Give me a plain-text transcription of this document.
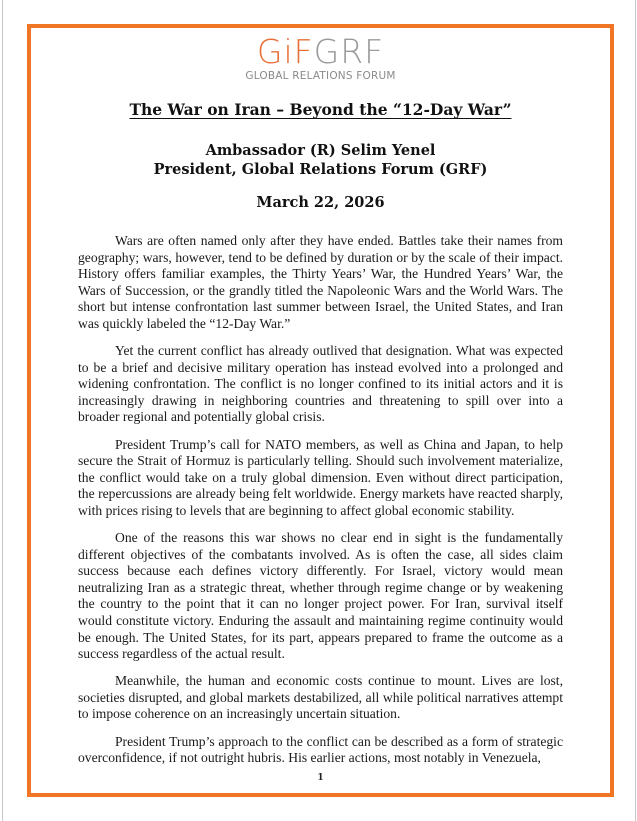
GiFGRF
GLOBAL RELATIONS FORUM
The War on Iran – Beyond the “12-Day War”
Ambassador (R) Selim Yenel
President, Global Relations Forum (GRF)
March 22, 2026

Wars are often named only after they have ended. Battles take their names from geography; wars, however, tend to be defined by duration or by the scale of their impact. History offers familiar examples, the Thirty Years’ War, the Hundred Years’ War, the Wars of Succession, or the grandly titled the Napoleonic Wars and the World Wars. The short but intense confrontation last summer between Israel, the United States, and Iran was quickly labeled the “12-Day War.”

Yet the current conflict has already outlived that designation. What was expected to be a brief and decisive military operation has instead evolved into a prolonged and widening confrontation. The conflict is no longer confined to its initial actors and it is increasingly drawing in neighboring countries and threatening to spill over into a broader regional and potentially global crisis.

President Trump’s call for NATO members, as well as China and Japan, to help secure the Strait of Hormuz is particularly telling. Should such involvement materialize, the conflict would take on a truly global dimension. Even without direct participation, the repercussions are already being felt worldwide. Energy markets have reacted sharply, with prices rising to levels that are beginning to affect global economic stability.

One of the reasons this war shows no clear end in sight is the fundamentally different objectives of the combatants involved. As is often the case, all sides claim success because each defines victory differently. For Israel, victory would mean neutralizing Iran as a strategic threat, whether through regime change or by weakening the country to the point that it can no longer project power. For Iran, survival itself would constitute victory. Enduring the assault and maintaining regime continuity would be enough. The United States, for its part, appears prepared to frame the outcome as a success regardless of the actual result.

Meanwhile, the human and economic costs continue to mount. Lives are lost, societies disrupted, and global markets destabilized, all while political narratives attempt to impose coherence on an increasingly uncertain situation.

President Trump’s approach to the conflict can be described as a form of strategic overconfidence, if not outright hubris. His earlier actions, most notably in Venezuela,

1
